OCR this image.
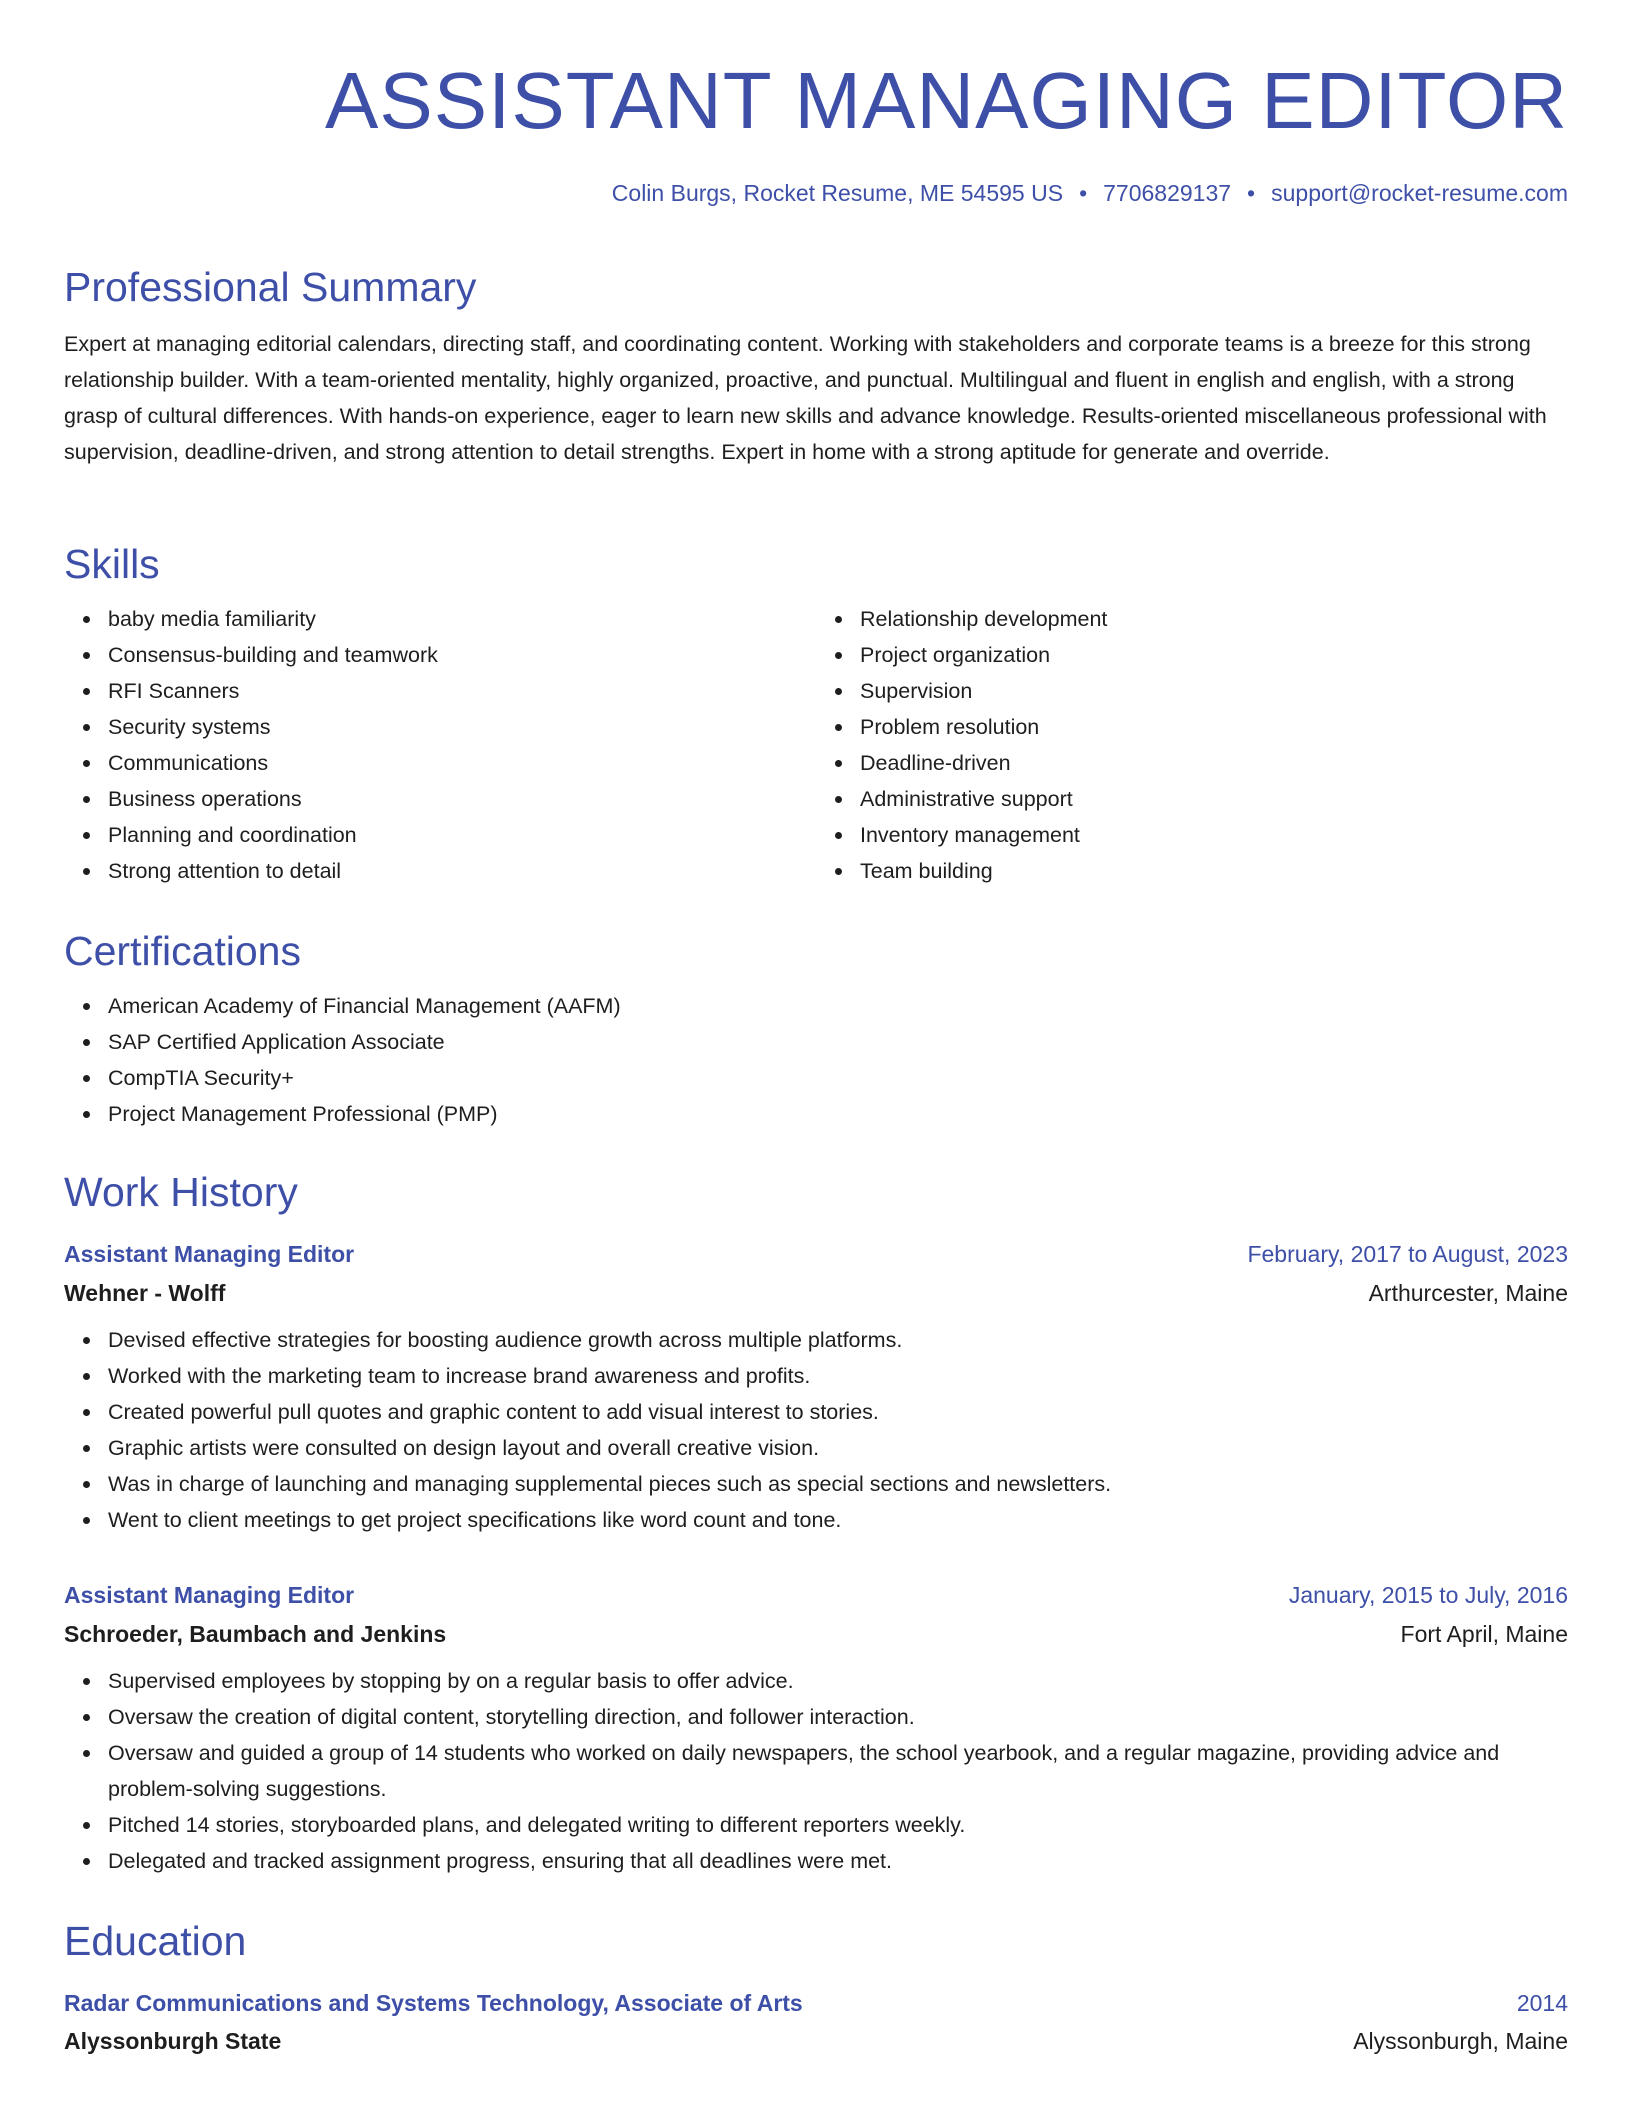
ASSISTANT MANAGING EDITOR
Colin Burgs, Rocket Resume, ME 54595 US • 7706829137 • support@rocket-resume.com
Professional Summary

Expert at managing editorial calendars, directing staff, and coordinating content. Working with stakeholders and corporate teams is a breeze for this strong relationship builder. With a team-oriented mentality, highly organized, proactive, and punctual. Multilingual and fluent in english and english, with a strong grasp of cultural differences. With hands-on experience, eager to learn new skills and advance knowledge. Results-oriented miscellaneous professional with supervision, deadline-driven, and strong attention to detail strengths. Expert in home with a strong aptitude for generate and override.

Skills
baby media familiarity
Consensus-building and teamwork
RFI Scanners
Security systems
Communications
Business operations
Planning and coordination
Strong attention to detail
Relationship development
Project organization
Supervision
Problem resolution
Deadline-driven
Administrative support
Inventory management
Team building
Certifications
American Academy of Financial Management (AAFM)
SAP Certified Application Associate
CompTIA Security+
Project Management Professional (PMP)
Work History
Assistant Managing Editor	February, 2017 to August, 2023
Wehner - Wolff	Arthurcester, Maine
Devised effective strategies for boosting audience growth across multiple platforms.
Worked with the marketing team to increase brand awareness and profits.
Created powerful pull quotes and graphic content to add visual interest to stories.
Graphic artists were consulted on design layout and overall creative vision.
Was in charge of launching and managing supplemental pieces such as special sections and newsletters.
Went to client meetings to get project specifications like word count and tone.
Assistant Managing Editor	January, 2015 to July, 2016
Schroeder, Baumbach and Jenkins	Fort April, Maine
Supervised employees by stopping by on a regular basis to offer advice.
Oversaw the creation of digital content, storytelling direction, and follower interaction.
Oversaw and guided a group of 14 students who worked on daily newspapers, the school yearbook, and a regular magazine, providing advice and problem-solving suggestions.
Pitched 14 stories, storyboarded plans, and delegated writing to different reporters weekly.
Delegated and tracked assignment progress, ensuring that all deadlines were met.
Education
Radar Communications and Systems Technology, Associate of Arts	2014
Alyssonburgh State	Alyssonburgh, Maine
